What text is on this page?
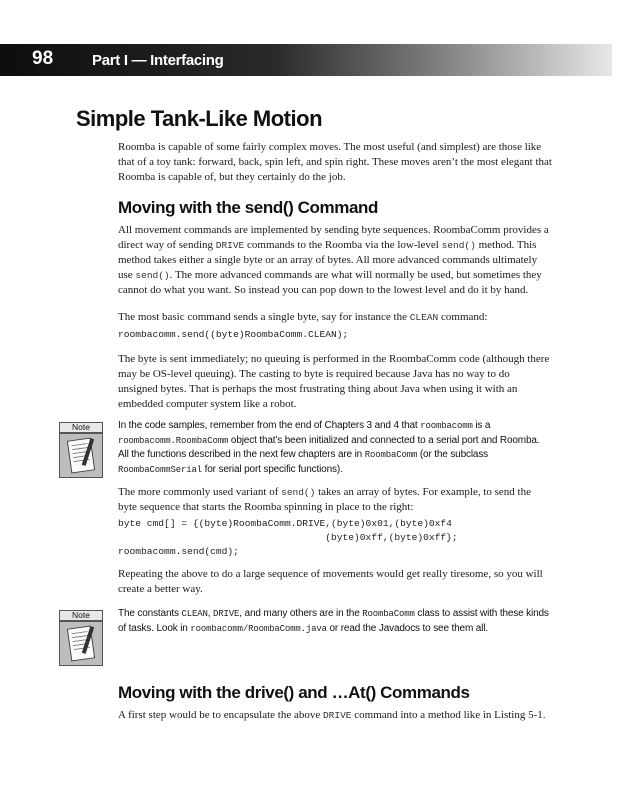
98	Part I — Interfacing
Simple Tank-Like Motion

Roomba is capable of some fairly complex moves. The most useful (and simplest) are those like that of a toy tank: forward, back, spin left, and spin right. These moves aren’t the most elegant that Roomba is capable of, but they certainly do the job.

Moving with the send() Command

All movement commands are implemented by sending byte sequences. RoombaComm provides a direct way of sending DRIVE commands to the Roomba via the low-level send() method. This method takes either a single byte or an array of bytes. All more advanced commands ultimately use send(). The more advanced commands are what will normally be used, but sometimes they cannot do what you want. So instead you can pop down to the lowest level and do it by hand.

The most basic command sends a single byte, say for instance the CLEAN command:

roombacomm.send((byte)RoombaComm.CLEAN);

The byte is sent immediately; no queuing is performed in the RoombaComm code (although there may be OS-level queuing). The casting to byte is required because Java has no way to do unsigned bytes. That is perhaps the most frustrating thing about Java when using it with an embedded computer system like a robot.

Note	In the code samples, remember from the end of Chapters 3 and 4 that roombacomm is a roombacomm.RoombaComm object that’s been initialized and connected to a serial port and Roomba. All the functions described in the next few chapters are in RoombaComm (or the subclass RoombaCommSerial for serial port specific functions).

The more commonly used variant of send() takes an array of bytes. For example, to send the byte sequence that starts the Roomba spinning in place to the right:

byte cmd[] = {(byte)RoombaComm.DRIVE,(byte)0x01,(byte)0xf4
(byte)0xff,(byte)0xff};
roombacomm.send(cmd);

Repeating the above to do a large sequence of movements would get really tiresome, so you will create a better way.

Note	The constants CLEAN, DRIVE, and many others are in the RoombaComm class to assist with these kinds of tasks. Look in roombacomm/RoombaComm.java or read the Javadocs to see them all.

Moving with the drive() and …At() Commands

A first step would be to encapsulate the above DRIVE command into a method like in Listing 5-1.
